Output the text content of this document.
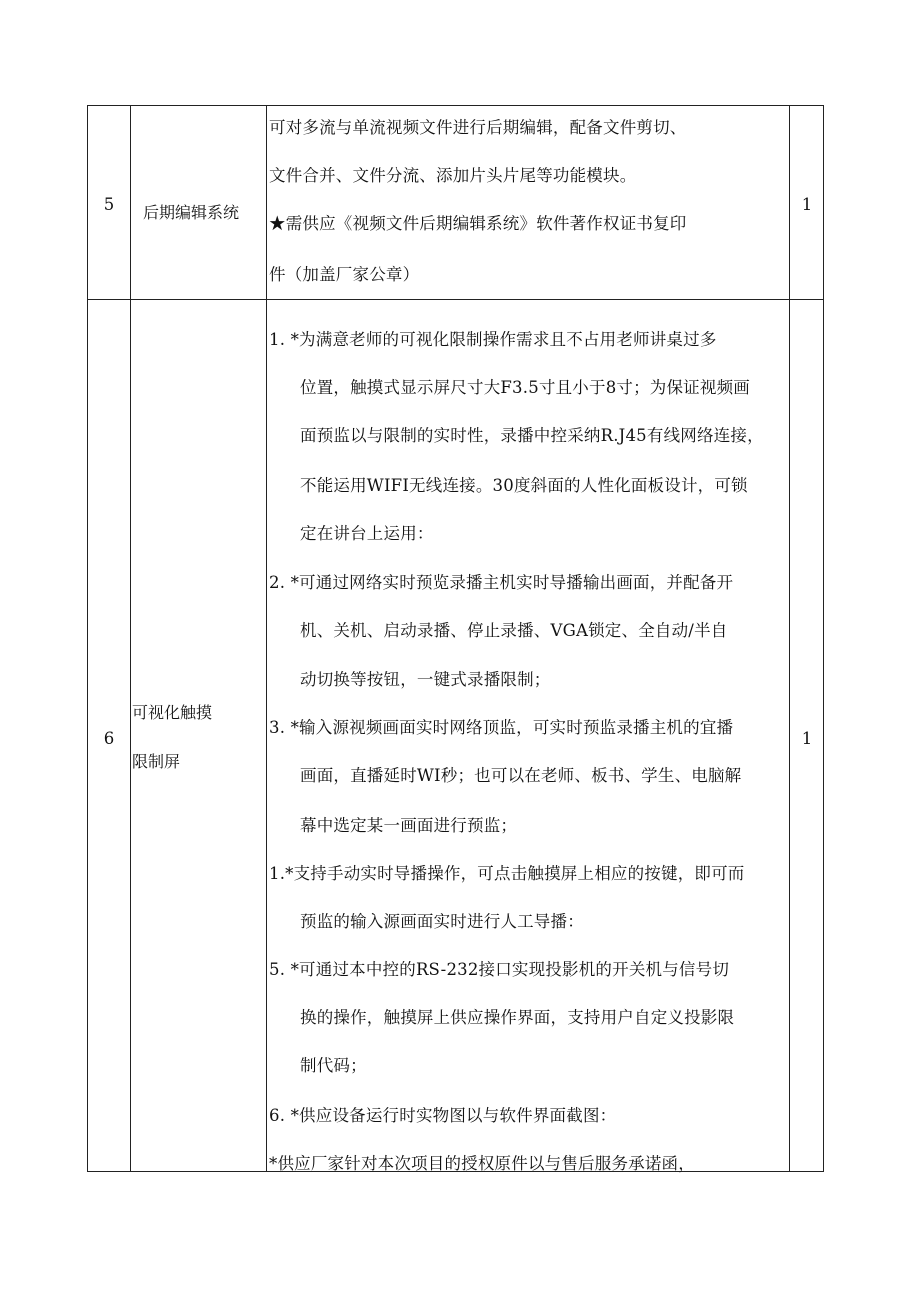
5	后期编辑系统
可对多流与单流视频文件进行后期编辑，配备文件剪切、
文件合并、文件分流、添加片头片尾等功能模块。
★需供应《视频文件后期编辑系统》软件著作权证书复印
件（加盖厂家公章）
1
6
可视化触摸
限制屏
1. *为满意老师的可视化限制操作需求且不占用老师讲桌过多
位置，触摸式显示屏尺寸大F3.5寸且小于8寸；为保证视频画
面预监以与限制的实时性，录播中控采纳R.J45有线网络连接，
不能运用WIFI无线连接。30度斜面的人性化面板设计，可锁
定在讲台上运用：
2. *可通过网络实时预览录播主机实时导播输出画面，并配备开
机、关机、启动录播、停止录播、VGA锁定、全自动/半自
动切换等按钮，一键式录播限制；
3. *输入源视频画面实时网络顶监，可实时预监录播主机的宜播
画面，直播延时WI秒；也可以在老师、板书、学生、电脑解
幕中选定某一画面进行预监；
1.*支持手动实时导播操作，可点击触摸屏上相应的按键，即可而
预监的输入源画面实时进行人工导播：
5. *可通过本中控的RS-232接口实现投影机的开关机与信号切
换的操作，触摸屏上供应操作界面，支持用户自定义投影限
制代码；
6. *供应设备运行时实物图以与软件界面截图：
*供应厂家针对本次项目的授权原件以与售后服务承诺函，
1
